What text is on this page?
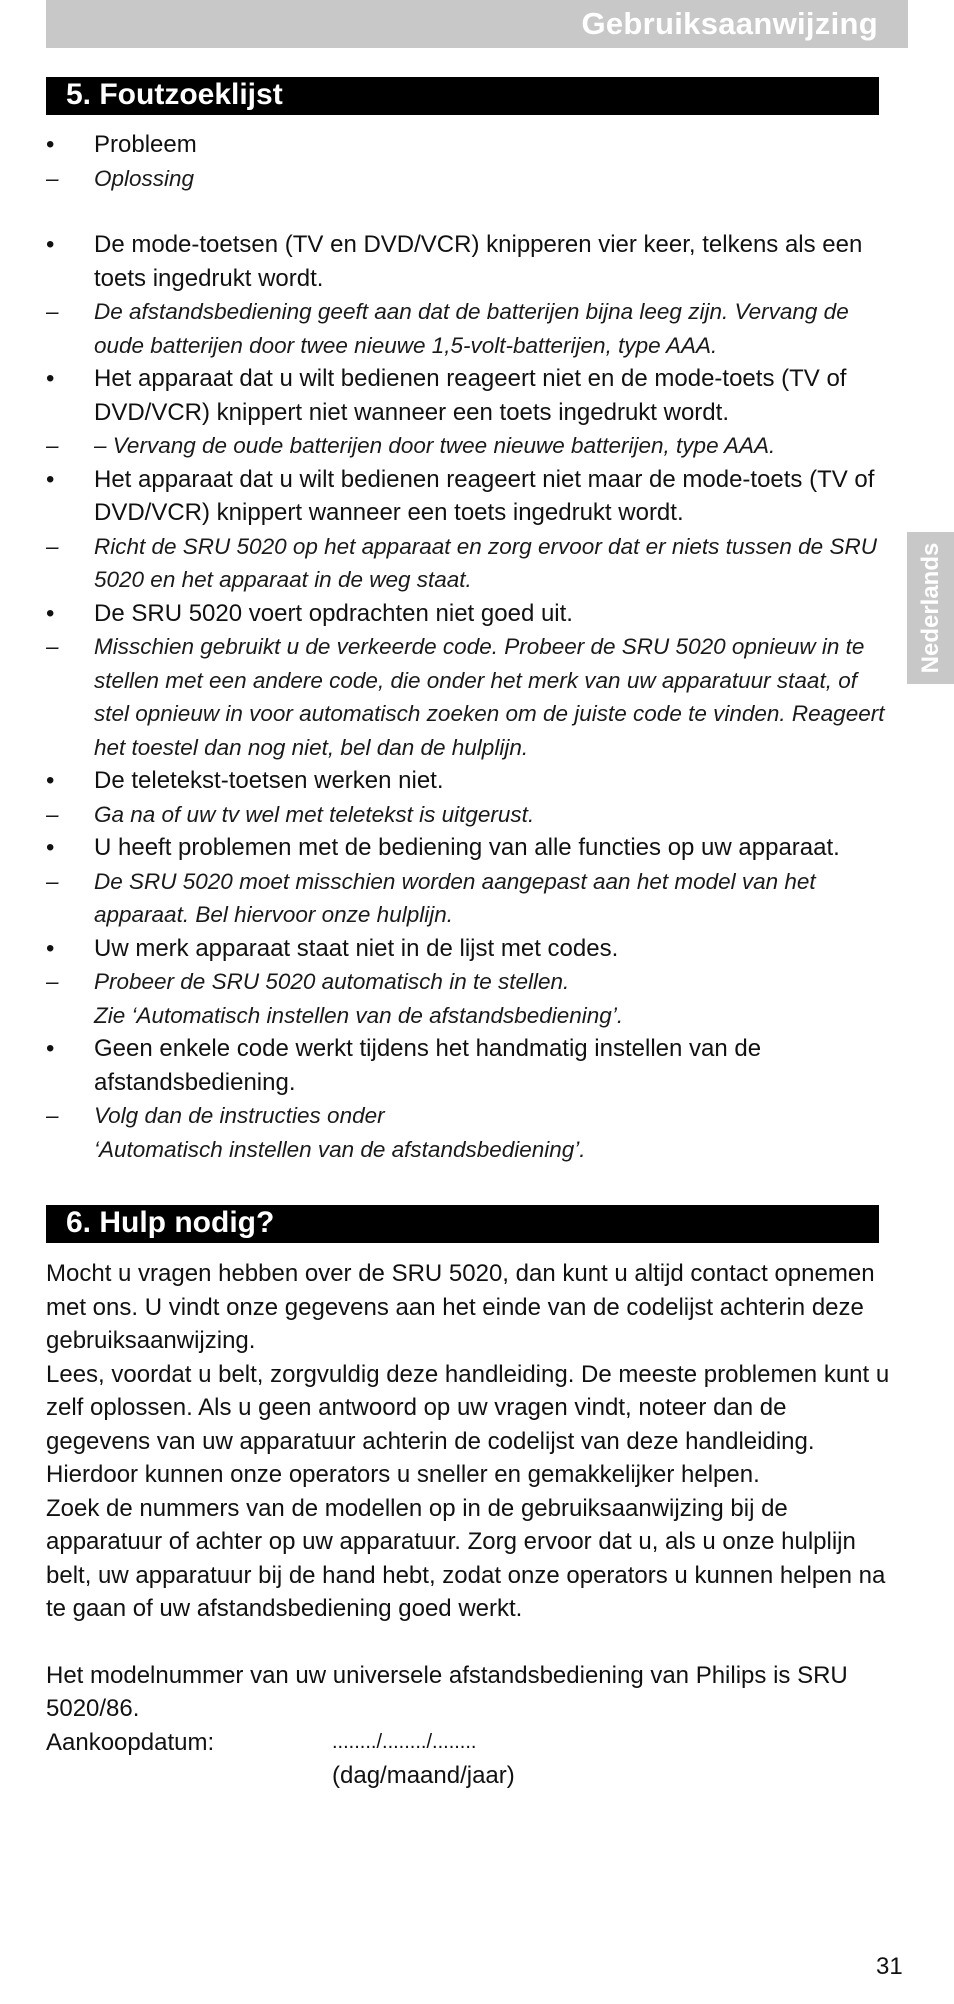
Gebruiksaanwijzing
5. Foutzoeklijst
Nederlands
•	Probleem
–	Oplossing
•	De mode-toetsen (TV en DVD/VCR) knipperen vier keer, telkens als een toets ingedrukt wordt.
–	De afstandsbediening geeft aan dat de batterijen bijna leeg zijn. Vervang de oude batterijen door twee nieuwe 1,5-volt-batterijen, type AAA.
•	Het apparaat dat u wilt bedienen reageert niet en de mode-toets (TV of DVD/VCR) knippert niet wanneer een toets ingedrukt wordt.
–	– Vervang de oude batterijen door twee nieuwe batterijen, type AAA.
•	Het apparaat dat u wilt bedienen reageert niet maar de mode-toets (TV of DVD/VCR) knippert wanneer een toets ingedrukt wordt.
–	Richt de SRU 5020 op het apparaat en zorg ervoor dat er niets tussen de SRU 5020 en het apparaat in de weg staat.
•	De SRU 5020 voert opdrachten niet goed uit.
–	Misschien gebruikt u de verkeerde code. Probeer de SRU 5020 opnieuw in te stellen met een andere code, die onder het merk van uw apparatuur staat, of stel opnieuw in voor automatisch zoeken om de juiste code te vinden. Reageert het toestel dan nog niet, bel dan de hulplijn.
•	De teletekst-toetsen werken niet.
–	Ga na of uw tv wel met teletekst is uitgerust.
•	U heeft problemen met de bediening van alle functies op uw apparaat.
–	De SRU 5020 moet misschien worden aangepast aan het model van het apparaat. Bel hiervoor onze hulplijn.
•	Uw merk apparaat staat niet in de lijst met codes.
–	Probeer de SRU 5020 automatisch in te stellen.
Zie ‘Automatisch instellen van de afstandsbediening’.
•	Geen enkele code werkt tijdens het handmatig instellen van de afstandsbediening.
–	Volg dan de instructies onder
‘Automatisch instellen van de afstandsbediening’.
6. Hulp nodig?

Mocht u vragen hebben over de SRU 5020, dan kunt u altijd contact opnemen met ons. U vindt onze gegevens aan het einde van de codelijst achterin deze gebruiksaanwijzing.

Lees, voordat u belt, zorgvuldig deze handleiding. De meeste problemen kunt u zelf oplossen. Als u geen antwoord op uw vragen vindt, noteer dan de gegevens van uw apparatuur achterin de codelijst van deze handleiding. Hierdoor kunnen onze operators u sneller en gemakkelijker helpen.

Zoek de nummers van de modellen op in de gebruiksaanwijzing bij de apparatuur of achter op uw apparatuur. Zorg ervoor dat u, als u onze hulplijn belt, uw apparatuur bij de hand hebt, zodat onze operators u kunnen helpen na te gaan of uw afstandsbediening goed werkt.

Het modelnummer van uw universele afstandsbediening van Philips is SRU 5020/86.

Aankoopdatum:	......../......../........
(dag/maand/jaar)
31
